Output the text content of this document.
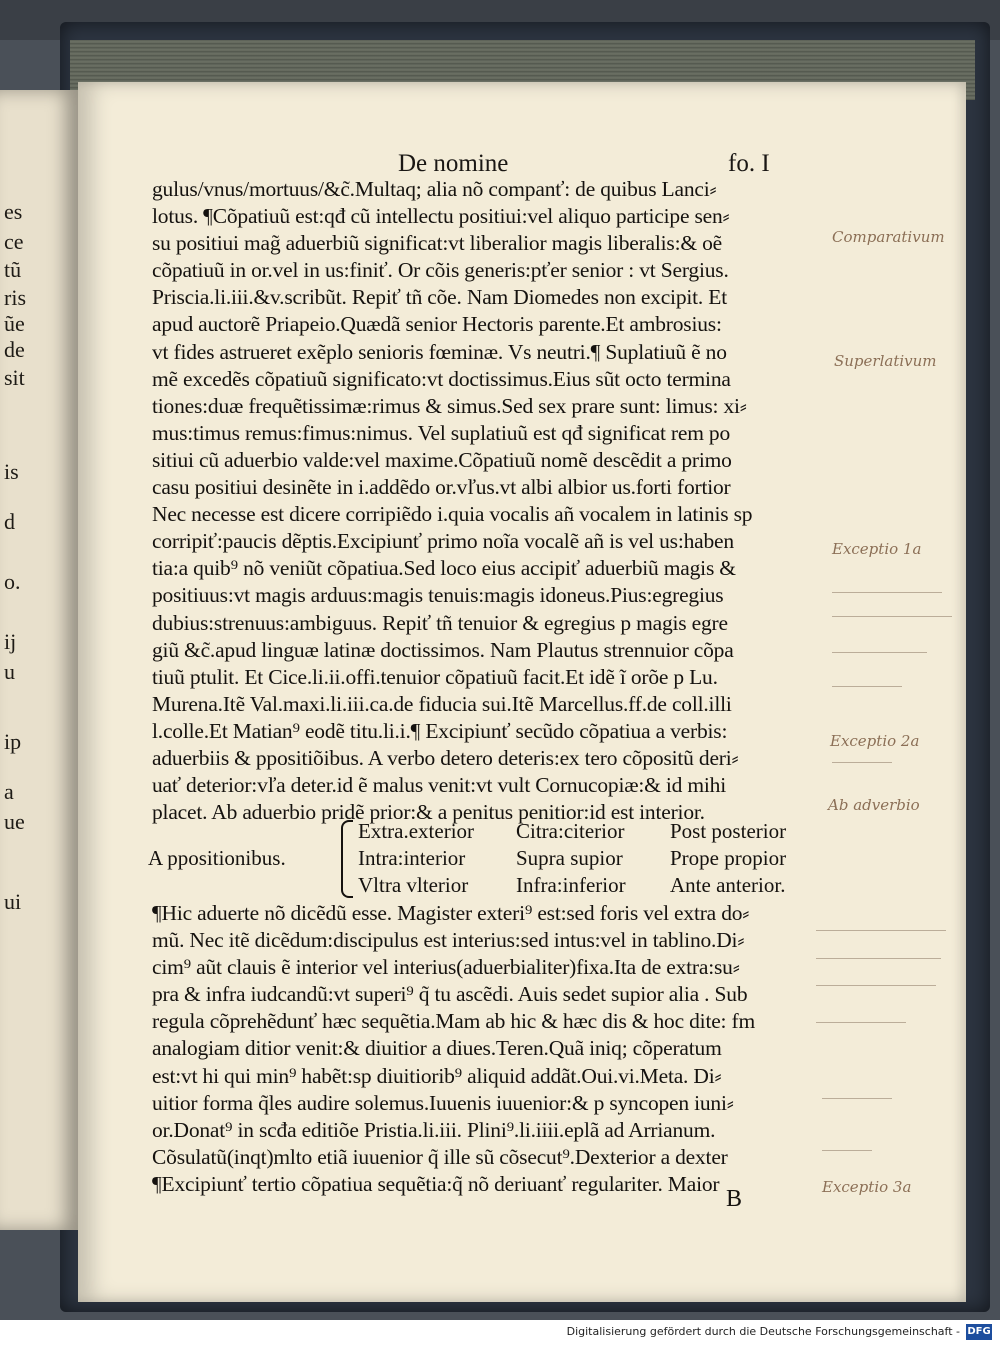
es
ce
tũ
ris
ũe
de
sit
is
d
o.
ij
u
ip
a
ue
ui
De nomine	fo. I
gulus/vnus/mortuus/&c̃.Multaq; alia nõ companť: de quibus Lanci⸗
lotus. ¶Cõpatiuũ est:qđ cũ intellectu positiui:vel aliquo participe sen⸗
su positiui mag̃ aduerbiũ significat:vt liberalior magis liberalis:& oẽ
cõpatiuũ in or.vel in us:finiť. Or cõis generis:pťer senior : vt Sergius.
Priscia.li.iii.&v.scribũt. Repiť tñ cõe. Nam Diomedes non excipit. Et
apud auctorẽ Priapeio.Quædã senior Hectoris parente.Et ambrosius:
vt fides astrueret exẽplo senioris fœminæ. Vs neutri.¶ Suplatiuũ ẽ no
mẽ excedẽs cõpatiuũ significato:vt doctissimus.Eius sũt octo termina
tiones:duæ frequẽtissimæ:rimus & simus.Sed sex prare sunt: limus: xi⸗
mus:timus remus:fimus:nimus. Vel suplatiuũ est qđ significat rem po
sitiui cũ aduerbio valde:vel maxime.Cõpatiuũ nomẽ descẽdit a primo
casu positiui desinẽte in i.addẽdo or.vľus.vt albi albior us.forti fortior
Nec necesse est dicere corripiẽdo i.quia vocalis añ vocalem in latinis sp
corripiť:paucis dẽptis.Excipiunť primo noĩa vocalẽ añ is vel us:haben
tia:a quib⁹ nõ veniũt cõpatiua.Sed loco eius accipiť aduerbiũ magis &
positiuus:vt magis arduus:magis tenuis:magis idoneus.Pius:egregius
dubius:strenuus:ambiguus. Repiť tñ tenuior & egregius p magis egre
giũ &c̃.apud linguæ latinæ doctissimos. Nam Plautus strennuior cõpa
tiuũ ptulit. Et Cice.li.ii.offi.tenuior cõpatiuũ facit.Et idẽ ĩ orõe p Lu.
Murena.Itẽ Val.maxi.li.iii.ca.de fiducia sui.Itẽ Marcellus.ff.de coll.illi
l.colle.Et Matian⁹ eodẽ titu.li.i.¶ Excipiunť secũdo cõpatiua a verbis:
aduerbiis & ppositiõibus. A verbo detero deteris:ex tero cõpositũ deri⸗
uať deterior:vľa deter.id ẽ malus venit:vt vult Cornucopiæ:& id mihi
placet. Ab aduerbio pridẽ prior:& a penitus penitior:id est interior.
A ppositionibus.
Extra.exterior Citra:citerior Post posterior
Intra:interior Supra supior Prope propior
Vltra vlterior Infra:inferior Ante anterior.
¶Hic aduerte nõ dicẽdũ esse. Magister exteri⁹ est:sed foris vel extra do⸗
mũ. Nec itẽ dicẽdum:discipulus est interius:sed intus:vel in tablino.Di⸗
cim⁹ aũt clauis ẽ interior vel interius(aduerbialiter)fixa.Ita de extra:su⸗
pra & infra iudcandũ:vt superi⁹ q̃ tu ascẽdi. Auis sedet supior alia . Sub
regula cõprehẽdunť hæc sequẽtia.Mam ab hic & hæc dis & hoc dite: fm
analogiam ditior venit:& diuitior a diues.Teren.Quã iniq; cõperatum
est:vt hi qui min⁹ habẽt:sp diuitiorib⁹ aliquid addãt.Oui.vi.Meta. Di⸗
uitior forma q̃les audire solemus.Iuuenis iuuenior:& p syncopen iuni⸗
or.Donat⁹ in scđa editiõe Pristia.li.iii. Plini⁹.li.iiii.eplã ad Arrianum.
Cõsulatũ(inqt)mlto etiã iuuenior q̃ ille sũ cõsecut⁹.Dexterior a dexter
¶Excipiunť tertio cõpatiua sequẽtia:q̃ nõ deriuanť regulariter. Maior
B
Comparativum
Superlativum
Exceptio 1a
Exceptio 2a
Ab adverbio
Exceptio 3a
Digitalisierung gefördert durch die Deutsche Forschungsgemeinschaft - DFG
